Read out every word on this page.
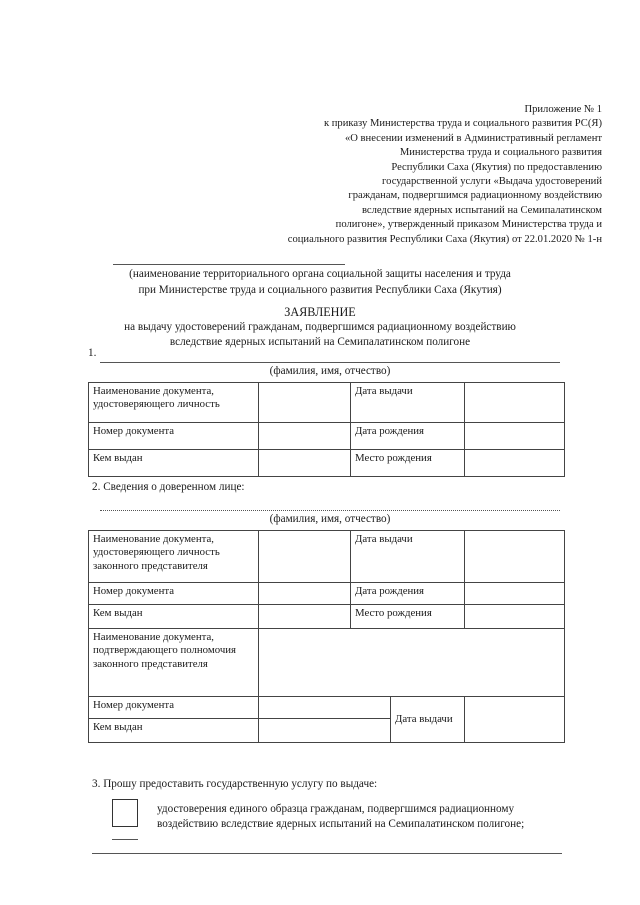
Приложение № 1
к приказу Министерства труда и социального развития РС(Я)
«О внесении изменений в Административный регламент
Министерства труда и социального развития
Республики Саха (Якутия) по предоставлению
государственной услуги «Выдача удостоверений
гражданам, подвергшимся радиационному воздействию
вследствие ядерных испытаний на Семипалатинском
полигоне», утвержденный приказом Министерства труда и
социального развития Республики Саха (Якутия) от 22.01.2020 № 1-н
(наименование территориального органа социальной защиты населения и труда
при Министерстве труда и социального развития Республики Саха (Якутия)
ЗАЯВЛЕНИЕ
на выдачу удостоверений гражданам, подвергшимся радиационному воздействию
вследствие ядерных испытаний на Семипалатинском полигоне
1.
(фамилия, имя, отчество)
Наименование документа, удостоверяющего личность		Дата выдачи	
Номер документа		Дата рождения	
Кем выдан		Место рождения	
2. Сведения о доверенном лице:
(фамилия, имя, отчество)
Наименование документа, удостоверяющего личность законного представителя		Дата выдачи		
Номер документа		Дата рождения		
Кем выдан		Место рождения		
Наименование документа, подтверждающего полномочия законного представителя				
Номер документа			Дата выдачи	
Кем выдан				
3. Прошу предоставить государственную услугу по выдаче:
удостоверения единого образца гражданам, подвергшимся радиационному воздействию вследствие ядерных испытаний на Семипалатинском полигоне;
